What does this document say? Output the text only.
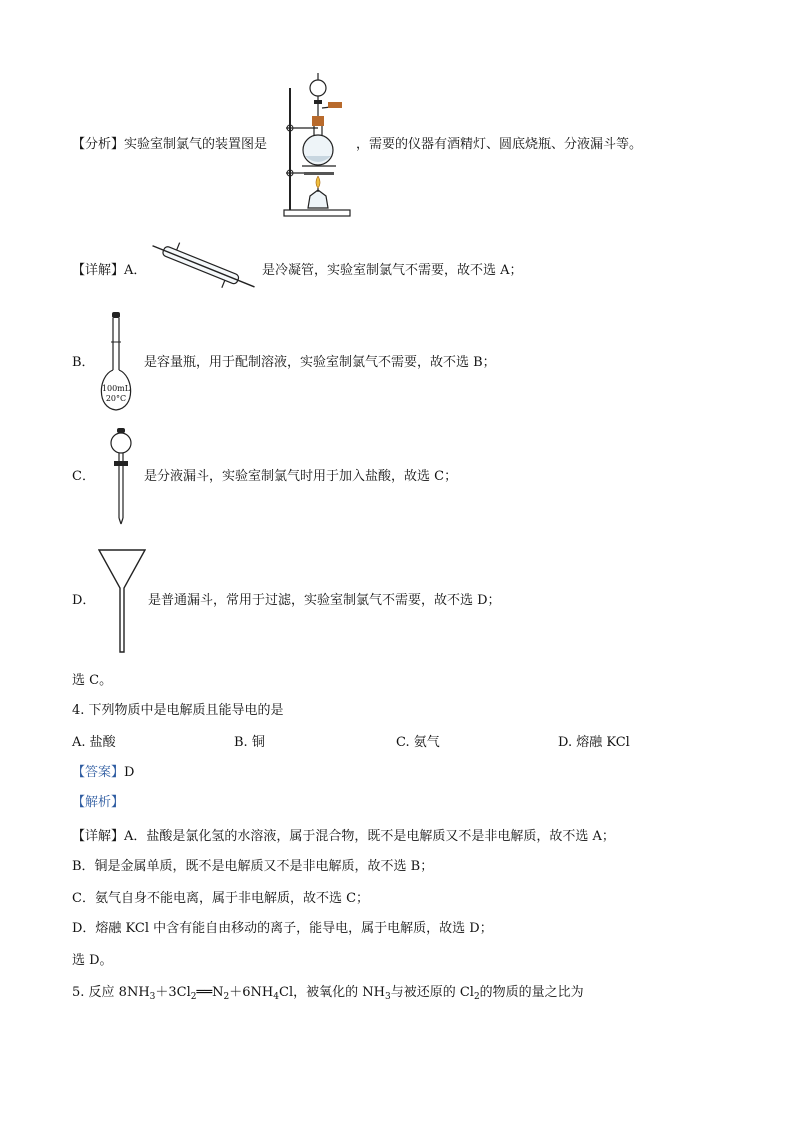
【分析】实验室制氯气的装置图是	，需要的仪器有酒精灯、圆底烧瓶、分液漏斗等。
【详解】A．	是冷凝管，实验室制氯气不需要，故不选 A；
B．
100mL
20°C
是容量瓶，用于配制溶液，实验室制氯气不需要，故不选 B；
C．	是分液漏斗，实验室制氯气时用于加入盐酸，故选 C；
D．	是普通漏斗，常用于过滤，实验室制氯气不需要，故不选 D；
选 C。
4. 下列物质中是电解质且能导电的是
A. 盐酸	B. 铜	C. 氨气	D. 熔融 KCl
【答案】D
【解析】
【详解】A．盐酸是氯化氢的水溶液，属于混合物，既不是电解质又不是非电解质，故不选 A；
B．铜是金属单质，既不是电解质又不是非电解质，故不选 B；
C．氨气自身不能电离，属于非电解质，故不选 C；
D．熔融 KCl 中含有能自由移动的离子，能导电，属于电解质，故选 D；
选 D。
5. 反应 $8NH_3+3Cl_2══N_2+6NH_4Cl$，被氧化的 $NH_3$与被还原的 $Cl_2$的物质的量之比为
